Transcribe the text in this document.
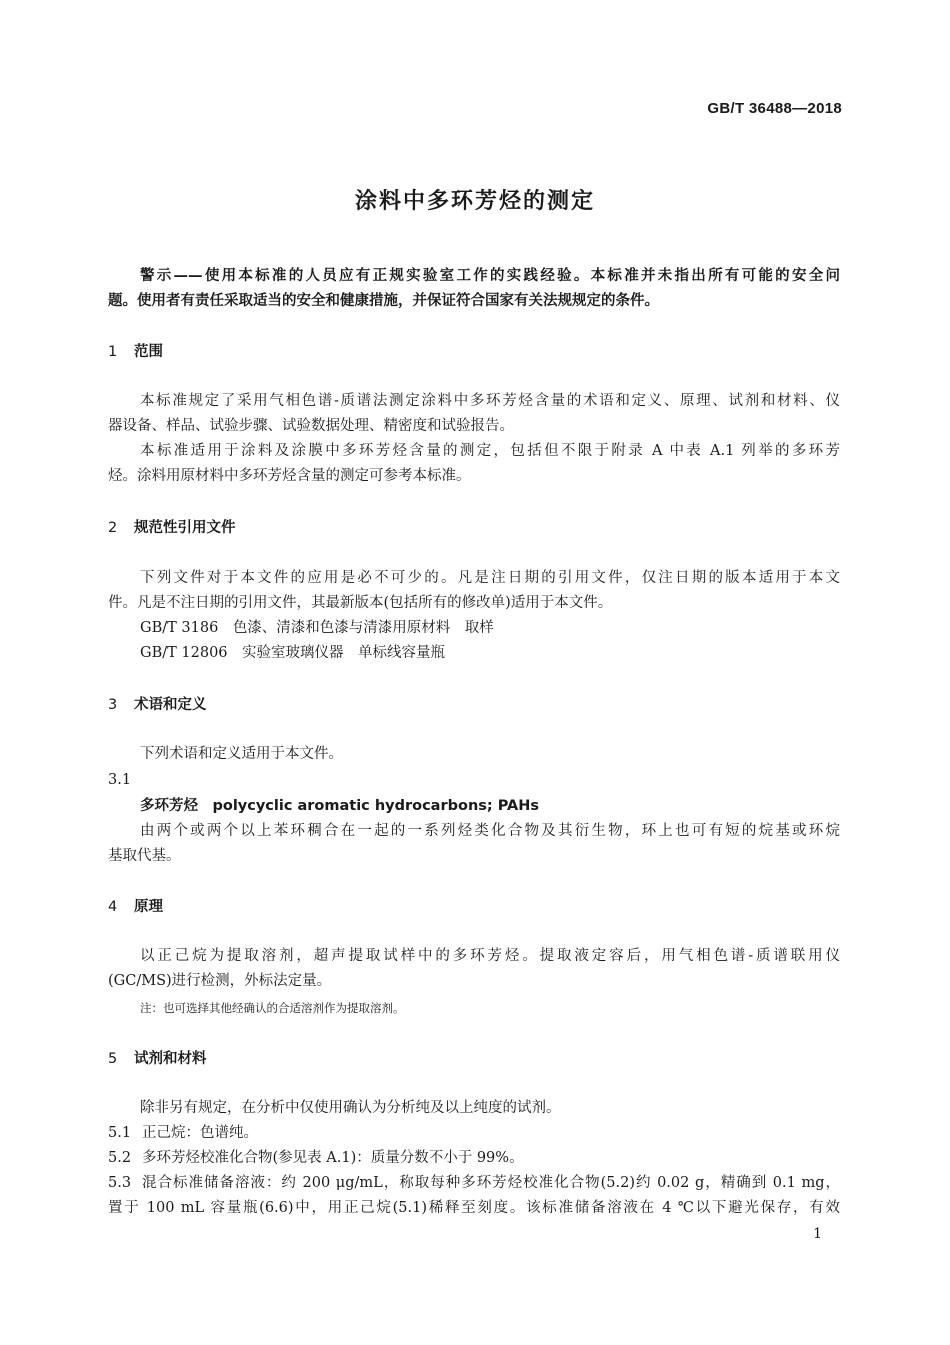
GB/T 36488—2018
涂料中多环芳烃的测定
警示——使用本标准的人员应有正规实验室工作的实践经验。本标准并未指出所有可能的安全问
题。使用者有责任采取适当的安全和健康措施，并保证符合国家有关法规规定的条件。
1 范围
本标准规定了采用气相色谱-质谱法测定涂料中多环芳烃含量的术语和定义、原理、试剂和材料、仪
器设备、样品、试验步骤、试验数据处理、精密度和试验报告。
本标准适用于涂料及涂膜中多环芳烃含量的测定，包括但不限于附录 A 中表 A.1 列举的多环芳
烃。涂料用原材料中多环芳烃含量的测定可参考本标准。
2 规范性引用文件
下列文件对于本文件的应用是必不可少的。凡是注日期的引用文件，仅注日期的版本适用于本文
件。凡是不注日期的引用文件，其最新版本(包括所有的修改单)适用于本文件。
GB/T 3186　 色漆、清漆和色漆与清漆用原材料　取样
GB/T 12806　 实验室玻璃仪器　单标线容量瓶
3 术语和定义
下列术语和定义适用于本文件。
3.1
多环芳烃　 polycyclic aromatic hydrocarbons; PAHs
由两个或两个以上苯环稠合在一起的一系列烃类化合物及其衍生物，环上也可有短的烷基或环烷
基取代基。
4 原理
以正己烷为提取溶剂，超声提取试样中的多环芳烃。提取液定容后，用气相色谱-质谱联用仪
(GC/MS)进行检测，外标法定量。
注：也可选择其他经确认的合适溶剂作为提取溶剂。
5 试剂和材料
除非另有规定，在分析中仅使用确认为分析纯及以上纯度的试剂。
5.1 正己烷：色谱纯。
5.2 多环芳烃校准化合物(参见表 A.1)：质量分数不小于 99%。
5.3 混合标准储备溶液：约 200 μg/mL，称取每种多环芳烃校准化合物(5.2)约 0.02 g，精确到 0.1 mg，
置于 100 mL 容量瓶(6.6)中，用正己烷(5.1)稀释至刻度。该标准储备溶液在 4 ℃以下避光保存，有效
1
